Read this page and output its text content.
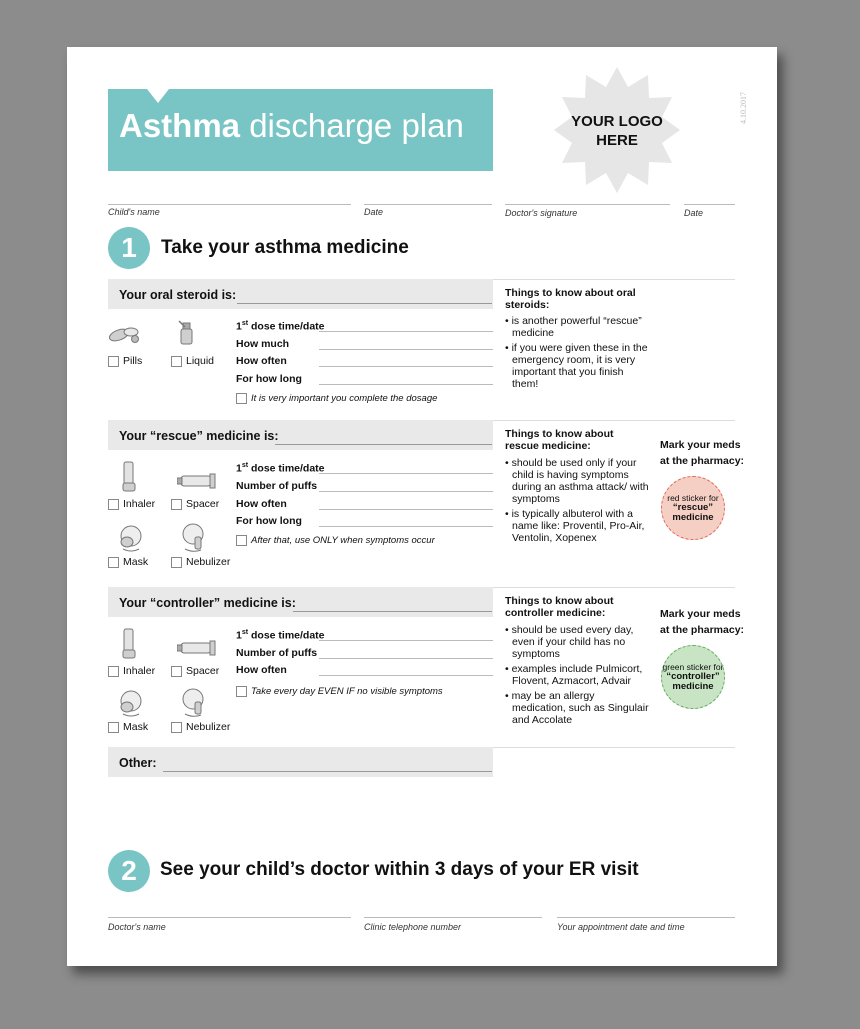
Asthma discharge plan	YOUR LOGO
HERE
4.10.2017
Child's name	Date	Doctor's signature	Date
1	Take your asthma medicine
Your oral steroid is:
Pills	Liquid
1st dose time/date
How much
How often
For how long
It is very important you complete the dosage
Things to know about oral steroids:
• is another powerful “rescue” medicine
• if you were given these in the emergency room, it is very important that you finish them!
Your “rescue” medicine is:
Inhaler	Spacer
Mask	Nebulizer
1st dose time/date
Number of puffs
How often
For how long
After that, use ONLY when symptoms occur
Things to know about rescue medicine:
• should be used only if your child is having symptoms during an asthma attack/ with symptoms
• is typically albuterol with a name like: Proventil, Pro-Air, Ventolin, Xopenex
Mark your meds at the pharmacy:
red sticker for
“rescue” medicine
Your “controller” medicine is:
Inhaler	Spacer
Mask	Nebulizer
1st dose time/date
Number of puffs
How often
Take every day EVEN IF no visible symptoms
Things to know about controller medicine:
• should be used every day, even if your child has no symptoms
• examples include Pulmicort, Flovent, Azmacort, Advair
• may be an allergy medication, such as Singulair and Accolate
Mark your meds at the pharmacy:
green sticker for
“controller” medicine
Other:
2	See your child’s doctor within 3 days of your ER visit
Doctor's name	Clinic telephone number	Your appointment date and time
